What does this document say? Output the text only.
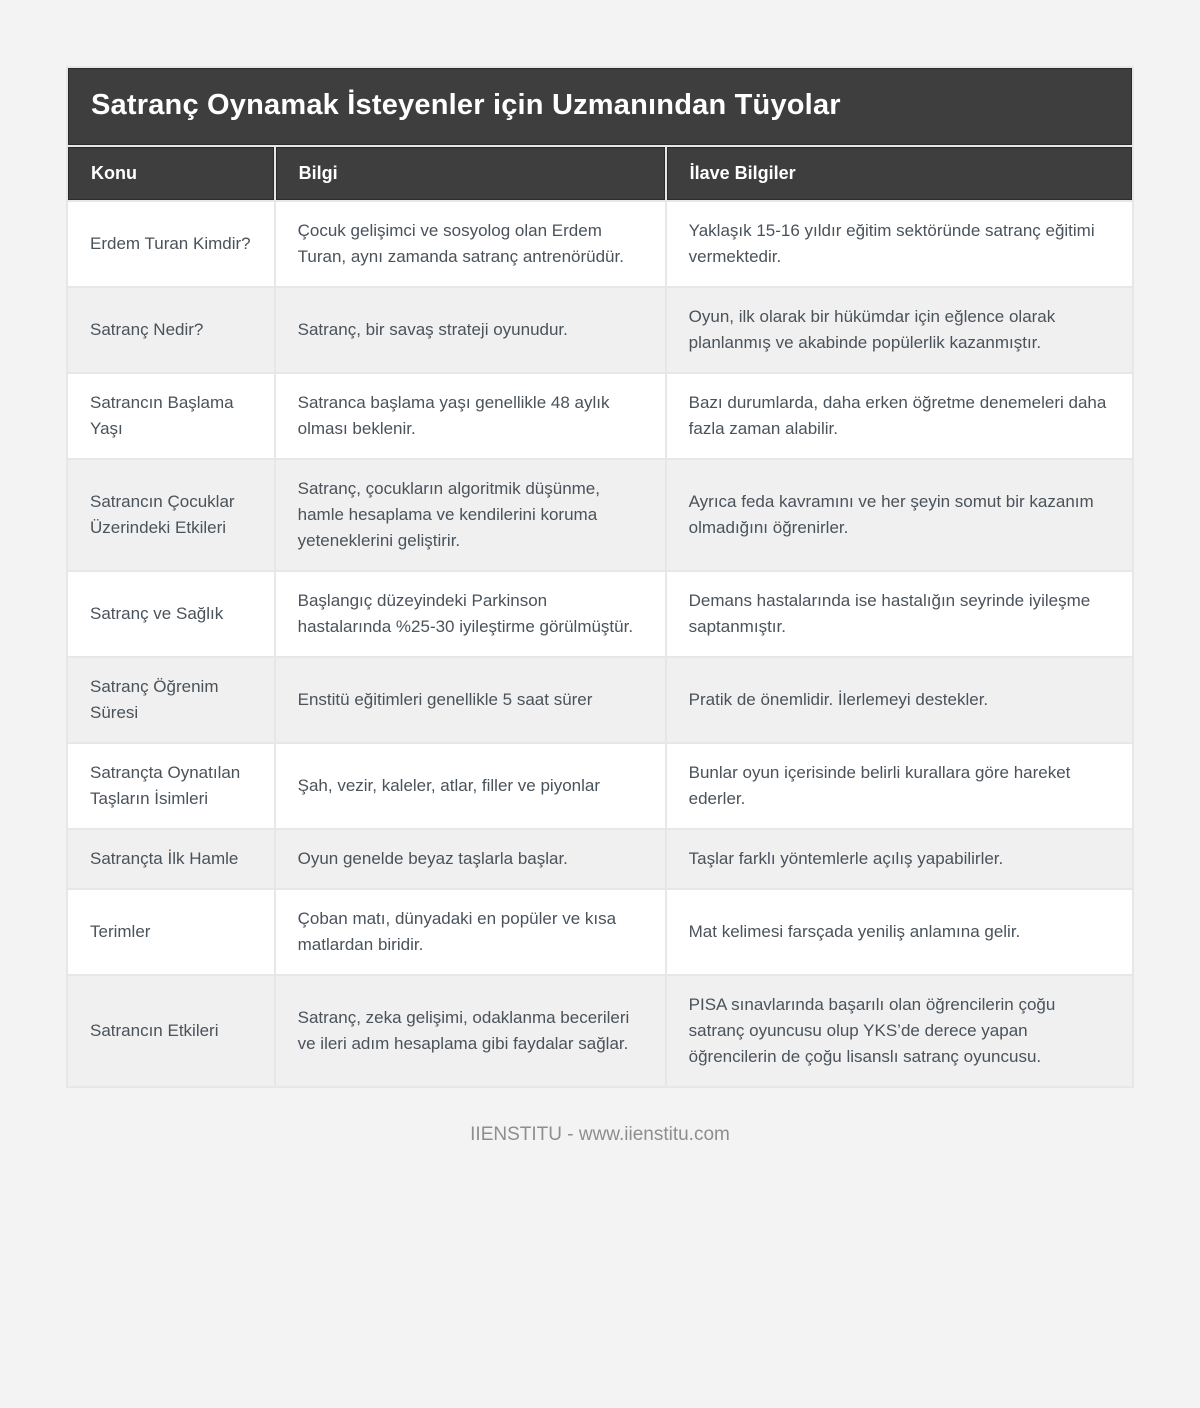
Satranç Oynamak İsteyenler için Uzmanından Tüyolar		
Konu	Bilgi	İlave Bilgiler
Erdem Turan Kimdir?	Çocuk gelişimci ve sosyolog olan Erdem Turan, aynı zamanda satranç antrenörüdür.	Yaklaşık 15-16 yıldır eğitim sektöründe satranç eğitimi vermektedir.
Satranç Nedir?	Satranç, bir savaş strateji oyunudur.	Oyun, ilk olarak bir hükümdar için eğlence olarak planlanmış ve akabinde popülerlik kazanmıştır.
Satrancın Başlama Yaşı	Satranca başlama yaşı genellikle 48 aylık olması beklenir.	Bazı durumlarda, daha erken öğretme denemeleri daha fazla zaman alabilir.
Satrancın Çocuklar Üzerindeki Etkileri	Satranç, çocukların algoritmik düşünme, hamle hesaplama ve kendilerini koruma yeteneklerini geliştirir.	Ayrıca feda kavramını ve her şeyin somut bir kazanım olmadığını öğrenirler.
Satranç ve Sağlık	Başlangıç düzeyindeki Parkinson hastalarında %25-30 iyileştirme görülmüştür.	Demans hastalarında ise hastalığın seyrinde iyileşme saptanmıştır.
Satranç Öğrenim Süresi	Enstitü eğitimleri genellikle 5 saat sürer	Pratik de önemlidir. İlerlemeyi destekler.
Satrançta Oynatılan Taşların İsimleri	Şah, vezir, kaleler, atlar, filler ve piyonlar	Bunlar oyun içerisinde belirli kurallara göre hareket ederler.
Satrançta İlk Hamle	Oyun genelde beyaz taşlarla başlar.	Taşlar farklı yöntemlerle açılış yapabilirler.
Terimler	Çoban matı, dünyadaki en popüler ve kısa matlardan biridir.	Mat kelimesi farsçada yeniliş anlamına gelir.
Satrancın Etkileri	Satranç, zeka gelişimi, odaklanma becerileri ve ileri adım hesaplama gibi faydalar sağlar.	PISA sınavlarında başarılı olan öğrencilerin çoğu satranç oyuncusu olup YKS’de derece yapan öğrencilerin de çoğu lisanslı satranç oyuncusu.
IIENSTITU - www.iienstitu.com
